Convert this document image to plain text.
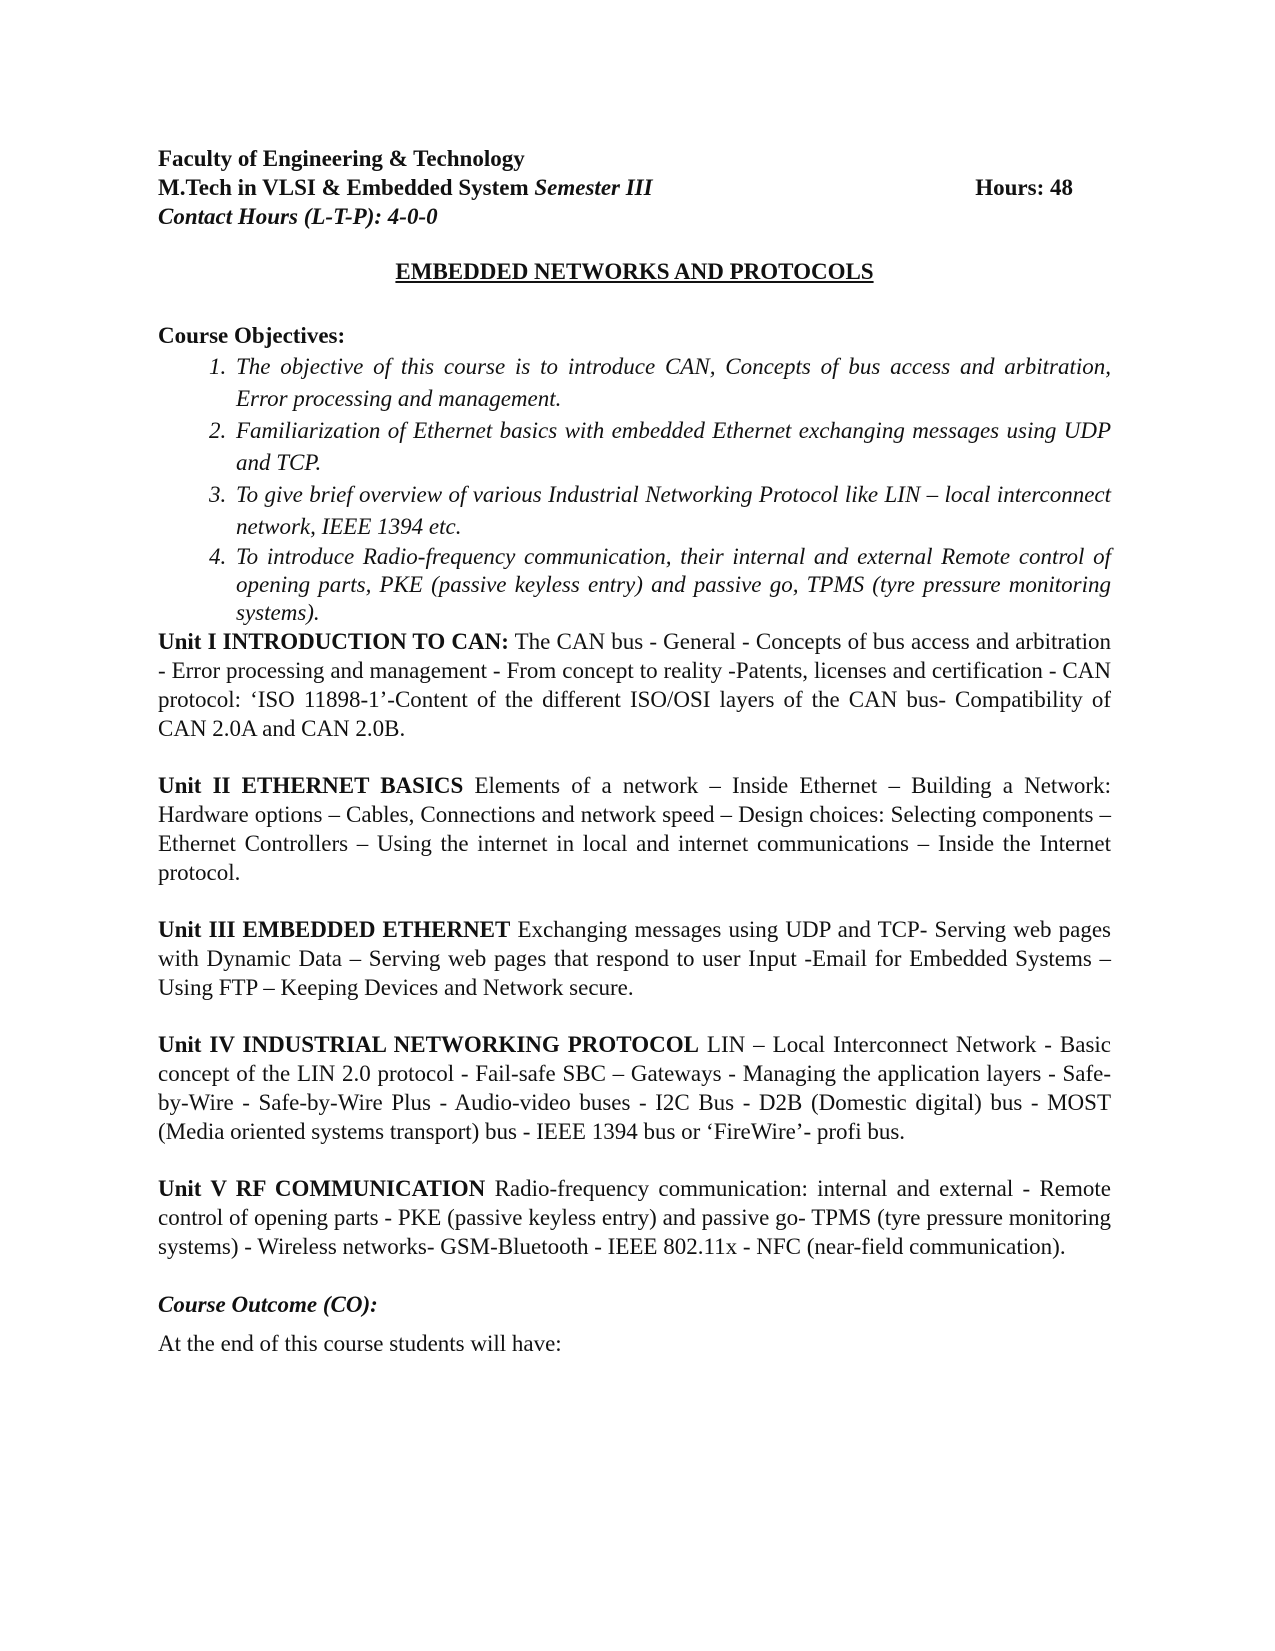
Faculty of Engineering & Technology
M.Tech in VLSI & Embedded System Semester III	Hours: 48
Contact Hours (L-T-P): 4-0-0
EMBEDDED NETWORKS AND PROTOCOLS
Course Objectives:
1. The objective of this course is to introduce CAN, Concepts of bus access and arbitration, Error processing and management.
2. Familiarization of Ethernet basics with embedded Ethernet exchanging messages using UDP and TCP.
3. To give brief overview of various Industrial Networking Protocol like LIN – local interconnect network, IEEE 1394 etc.
4. To introduce Radio-frequency communication, their internal and external Remote control of opening parts, PKE (passive keyless entry) and passive go, TPMS (tyre pressure monitoring systems).

Unit I INTRODUCTION TO CAN: The CAN bus - General - Concepts of bus access and arbitration - Error processing and management - From concept to reality -Patents, licenses and certification - CAN protocol: ‘ISO 11898-1’-Content of the different ISO/OSI layers of the CAN bus- Compatibility of CAN 2.0A and CAN 2.0B.

Unit II ETHERNET BASICS Elements of a network – Inside Ethernet – Building a Network: Hardware options – Cables, Connections and network speed – Design choices: Selecting components – Ethernet Controllers – Using the internet in local and internet communications – Inside the Internet protocol.

Unit III EMBEDDED ETHERNET Exchanging messages using UDP and TCP- Serving web pages with Dynamic Data – Serving web pages that respond to user Input -Email for Embedded Systems – Using FTP – Keeping Devices and Network secure.

Unit IV INDUSTRIAL NETWORKING PROTOCOL LIN – Local Interconnect Network - Basic concept of the LIN 2.0 protocol - Fail-safe SBC – Gateways - Managing the application layers - Safe-by-Wire - Safe-by-Wire Plus - Audio-video buses - I2C Bus - D2B (Domestic digital) bus - MOST (Media oriented systems transport) bus - IEEE 1394 bus or ‘FireWire’- profi bus.

Unit V RF COMMUNICATION Radio-frequency communication: internal and external - Remote control of opening parts - PKE (passive keyless entry) and passive go- TPMS (tyre pressure monitoring systems) - Wireless networks- GSM-Bluetooth - IEEE 802.11x - NFC (near-field communication).

Course Outcome (CO):
At the end of this course students will have:
